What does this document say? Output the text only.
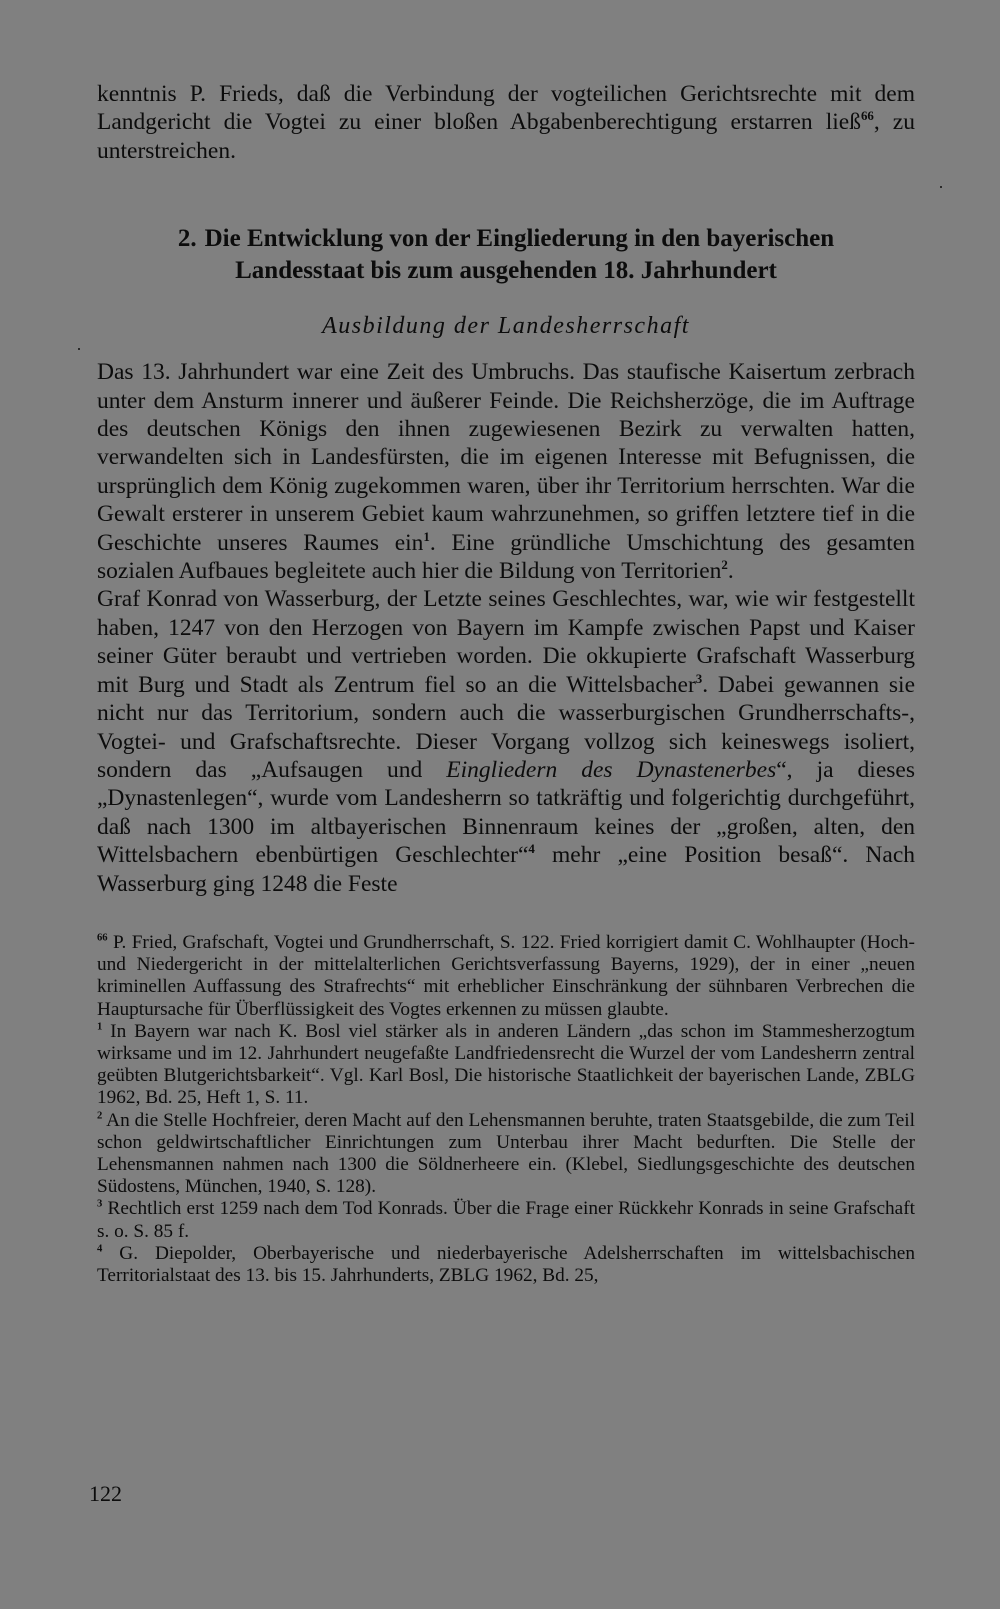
kenntnis P. Frieds, daß die Verbindung der vogteilichen Gerichtsrechte mit dem Landgericht die Vogtei zu einer bloßen Abgabenberechtigung erstarren ließ$^{66}$, zu unterstreichen.

2. Die Entwicklung von der Eingliederung in den bayerischen
Landesstaat bis zum ausgehenden 18. Jahrhundert
Ausbildung der Landesherrschaft

Das 13. Jahrhundert war eine Zeit des Umbruchs. Das staufische Kaisertum zerbrach unter dem Ansturm innerer und äußerer Feinde. Die Reichsherzöge, die im Auftrage des deutschen Königs den ihnen zugewiesenen Bezirk zu verwalten hatten, verwandelten sich in Landesfürsten, die im eigenen Interesse mit Befugnissen, die ursprünglich dem König zugekommen waren, über ihr Territorium herrschten. War die Gewalt ersterer in unserem Gebiet kaum wahrzunehmen, so griffen letztere tief in die Geschichte unseres Raumes ein$^1$. Eine gründliche Umschichtung des gesamten sozialen Aufbaues begleitete auch hier die Bildung von Territorien$^2$.

Graf Konrad von Wasserburg, der Letzte seines Geschlechtes, war, wie wir festgestellt haben, 1247 von den Herzogen von Bayern im Kampfe zwischen Papst und Kaiser seiner Güter beraubt und vertrieben worden. Die okkupierte Grafschaft Wasserburg mit Burg und Stadt als Zentrum fiel so an die Wittelsbacher$^3$. Dabei gewannen sie nicht nur das Territorium, sondern auch die wasserburgischen Grundherrschafts-, Vogtei- und Grafschaftsrechte. Dieser Vorgang vollzog sich keineswegs isoliert, sondern das „Aufsaugen und Eingliedern des Dynastenerbes“, ja dieses „Dynastenlegen“, wurde vom Landesherrn so tatkräftig und folgerichtig durchgeführt, daß nach 1300 im altbayerischen Binnenraum keines der „großen, alten, den Wittelsbachern ebenbürtigen Geschlechter“$^4$ mehr „eine Position besaß“. Nach Wasserburg ging 1248 die Feste

$^{66}$ P. Fried, Grafschaft, Vogtei und Grundherrschaft, S. 122. Fried korrigiert damit C. Wohlhaupter (Hoch- und Niedergericht in der mittelalterlichen Gerichtsverfassung Bayerns, 1929), der in einer „neuen kriminellen Auffassung des Strafrechts“ mit erheblicher Einschränkung der sühnbaren Verbrechen die Hauptursache für Überflüssigkeit des Vogtes erkennen zu müssen glaubte.

$^1$ In Bayern war nach K. Bosl viel stärker als in anderen Ländern „das schon im Stammesherzogtum wirksame und im 12. Jahrhundert neugefaßte Landfriedensrecht die Wurzel der vom Landesherrn zentral geübten Blutgerichtsbarkeit“. Vgl. Karl Bosl, Die historische Staatlichkeit der bayerischen Lande, ZBLG 1962, Bd. 25, Heft 1, S. 11.

$^2$ An die Stelle Hochfreier, deren Macht auf den Lehensmannen beruhte, traten Staatsgebilde, die zum Teil schon geldwirtschaftlicher Einrichtungen zum Unterbau ihrer Macht bedurften. Die Stelle der Lehensmannen nahmen nach 1300 die Söldnerheere ein. (Klebel, Siedlungsgeschichte des deutschen Südostens, München, 1940, S. 128).

$^3$ Rechtlich erst 1259 nach dem Tod Konrads. Über die Frage einer Rückkehr Konrads in seine Grafschaft s. o. S. 85 f.

$^4$ G. Diepolder, Oberbayerische und niederbayerische Adelsherrschaften im wittelsbachischen Territorialstaat des 13. bis 15. Jahrhunderts, ZBLG 1962, Bd. 25,

122
